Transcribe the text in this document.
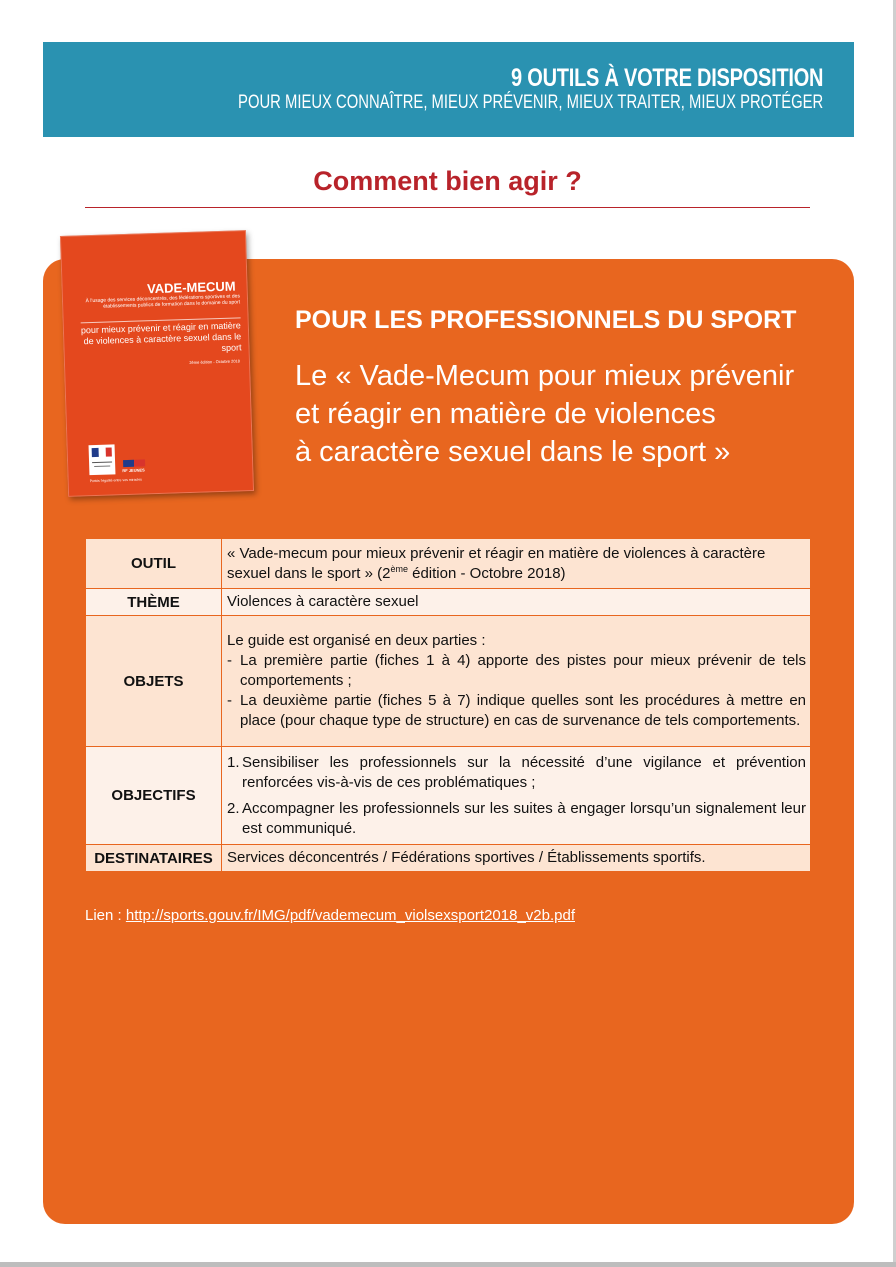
9 OUTILS À VOTRE DISPOSITION
POUR MIEUX CONNAÎTRE, MIEUX PRÉVENIR, MIEUX TRAITER, MIEUX PROTÉGER
Comment bien agir ?
VADE-MECUM
À l'usage des services déconcentrés, des fédérations sportives et des établissements publics de formation dans le domaine du sport
pour mieux prévenir et réagir en matière de violences à caractère sexuel dans le sport
2ème édition - Octobre 2018
RF JEUNES
Portés l'égalité entre vos miracles
POUR LES PROFESSIONNELS DU SPORT
Le « Vade-Mecum pour mieux prévenir
et réagir en matière de violences
à caractère sexuel dans le sport »
OUTIL	« Vade-mecum pour mieux prévenir et réagir en matière de violences à caractère sexuel dans le sport » (2ème édition - Octobre 2018)
THÈME	Violences à caractère sexuel
OBJETS	Le guide est organisé en deux parties :
- La première partie (fiches 1 à 4) apporte des pistes pour mieux prévenir de tels comportements ;
- La deuxième partie (fiches 5 à 7) indique quelles sont les procédures à mettre en place (pour chaque type de structure) en cas de survenance de tels comportements.

OBJECTIFS	1. Sensibiliser les professionnels sur la nécessité d’une vigilance et prévention renforcées vis-à-vis de ces problématiques ;
2. Accompagner les professionnels sur les suites à engager lorsqu’un signalement leur est communiqué.

DESTINATAIRES	Services déconcentrés / Fédérations sportives / Établissements sportifs.
Lien : http://sports.gouv.fr/IMG/pdf/vademecum_violsexsport2018_v2b.pdf
